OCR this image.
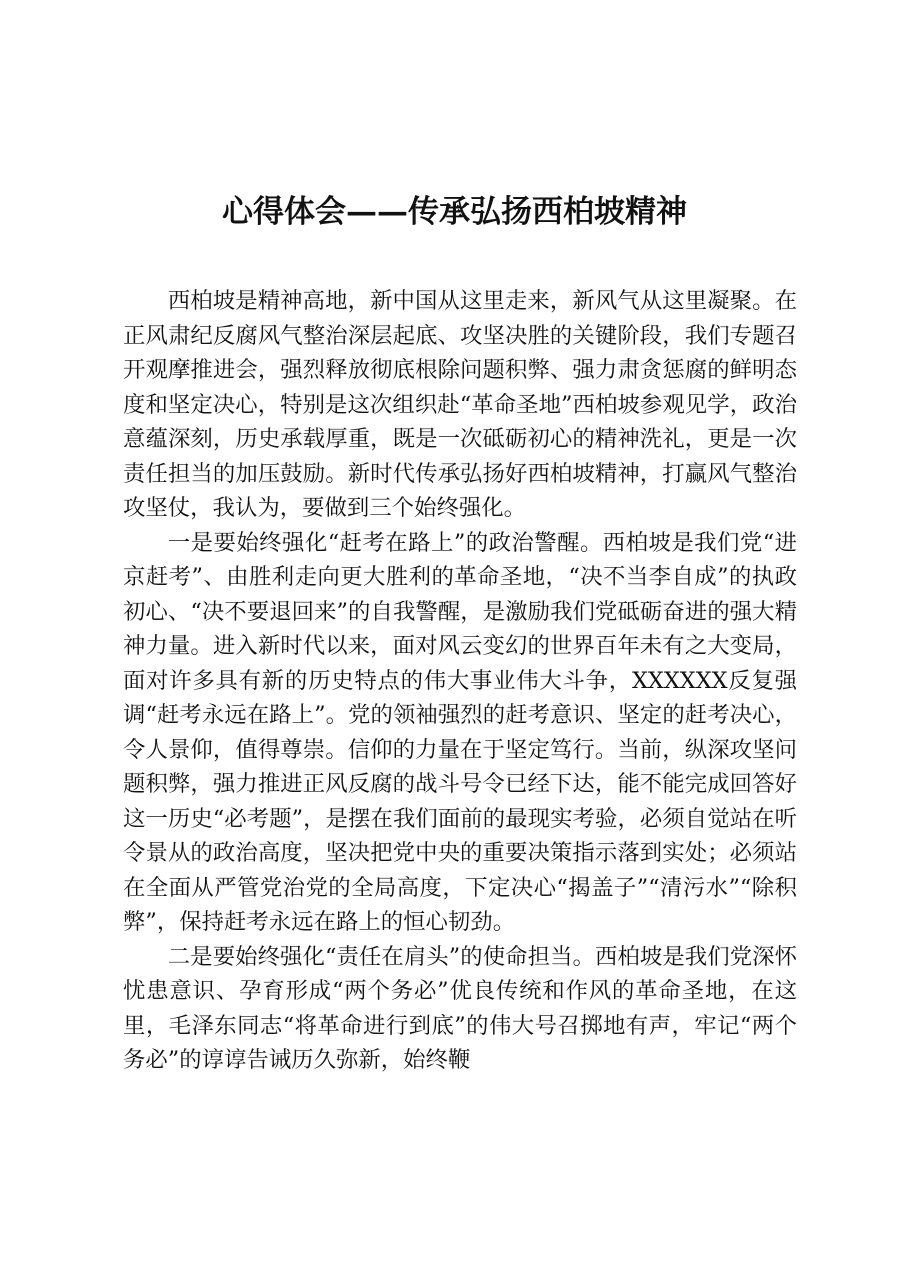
心得体会——传承弘扬西柏坡精神

西柏坡是精神高地，新中国从这里走来，新风气从这里凝聚。在正风肃纪反腐风气整治深层起底、攻坚决胜的关键阶段，我们专题召开观摩推进会，强烈释放彻底根除问题积弊、强力肃贪惩腐的鲜明态度和坚定决心，特别是这次组织赴“革命圣地”西柏坡参观见学，政治意蕴深刻，历史承载厚重，既是一次砥砺初心的精神洗礼，更是一次责任担当的加压鼓励。新时代传承弘扬好西柏坡精神，打赢风气整治攻坚仗，我认为，要做到三个始终强化。

一是要始终强化“赶考在路上”的政治警醒。西柏坡是我们党“进京赶考”、由胜利走向更大胜利的革命圣地，“决不当李自成”的执政初心、“决不要退回来”的自我警醒，是激励我们党砥砺奋进的强大精神力量。进入新时代以来，面对风云变幻的世界百年未有之大变局，面对许多具有新的历史特点的伟大事业伟大斗争，XXXXXX反复强调“赶考永远在路上”。党的领袖强烈的赶考意识、坚定的赶考决心，令人景仰，值得尊崇。信仰的力量在于坚定笃行。当前，纵深攻坚问题积弊，强力推进正风反腐的战斗号令已经下达，能不能完成回答好这一历史“必考题”，是摆在我们面前的最现实考验，必须自觉站在听令景从的政治高度，坚决把党中央的重要决策指示落到实处；必须站在全面从严管党治党的全局高度，下定决心“揭盖子”“清污水”“除积弊”，保持赶考永远在路上的恒心韧劲。

二是要始终强化“责任在肩头”的使命担当。西柏坡是我们党深怀忧患意识、孕育形成“两个务必”优良传统和作风的革命圣地，在这里，毛泽东同志“将革命进行到底”的伟大号召掷地有声，牢记“两个务必”的谆谆告诫历久弥新，始终鞭
